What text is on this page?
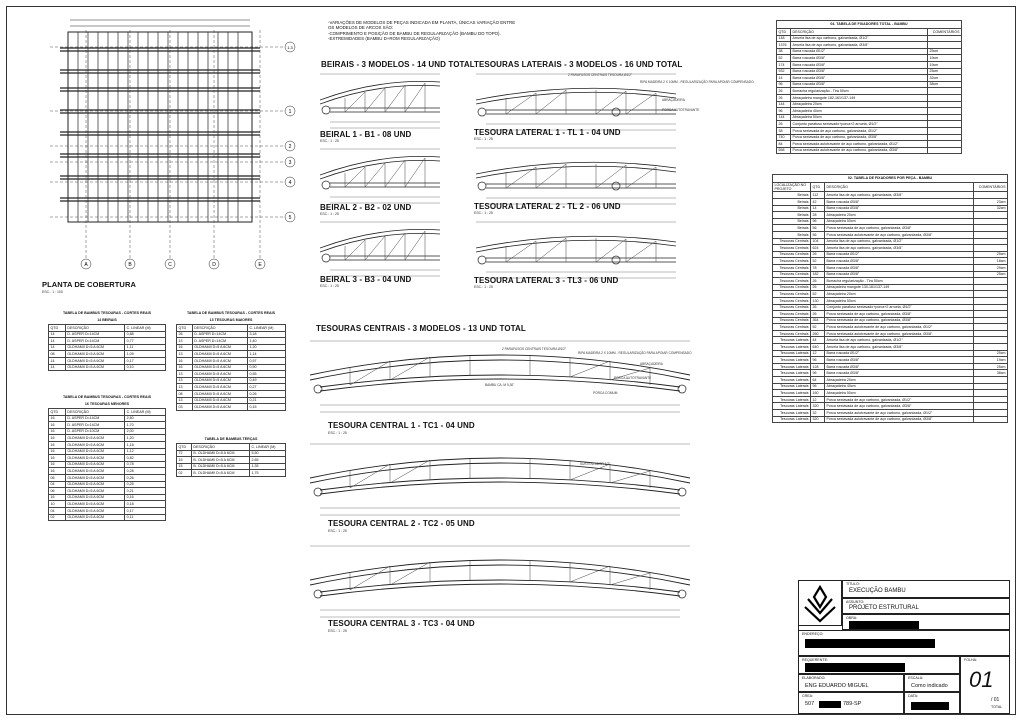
-VARIAÇÕES DE MODELOS DE PEÇAS INDICADA EM PLANTA, ÚNICAS VARIAÇÃO ENTRE
OS MODELOS DE ARCOS SÃO:
-COMPRIMENTO E POSIÇÃO DE BAMBU DE REGULARIZAÇÃO (BAMBU DO TOPO).
-EXTREMIDADES (BAMBU D+ROM REGULARIZAÇÃO)
A	B	C	D	E
1.3
1
2
3
4
5
PLANTA DE COBERTURA
ESC.: 1 : 100
BEIRAIS - 3 MODELOS - 14 UND TOTAL TESOURAS LATERAIS - 3 MODELOS - 16 UND TOTAL
TESOURAS CENTRAIS - 3 MODELOS - 13 UND TOTAL
BEIRAL 1 - B1 - 08 UND
ESC.: 1 : 25
BEIRAL 2 - B2 - 02 UND
ESC.: 1 : 25
BEIRAL 3 - B3 - 04 UND
ESC.: 1 : 25
TESOURA LATERAL 1 - TL 1 - 04 UND
ESC.: 1 : 25
TESOURA LATERAL 2 - TL 2 - 06 UND
ESC.: 1 : 25
TESOURA LATERAL 3 - TL3 - 06 UND
ESC.: 1 : 25
2 PARAFUSOS CENTRAIS TESOURA Ø1/2"
RIPA MADEIRA 2 X 10MM - REGULARIZAÇÃO PARA APOIAR COMPENSADO
ABRAÇADEIRA
PORCA AUTOTRAVANTE
TESOURA CENTRAL 1 - TC1 - 04 UND
ESC.: 1 : 25
TESOURA CENTRAL 2 - TC2 - 05 UND
ESC.: 1 : 25
TESOURA CENTRAL 3 - TC3 - 04 UND
ESC.: 1 : 25
2 PARAFUSOS CENTRAIS TESOURA Ø1/2"
RIPA MADEIRA 2 X 10MM - REGULARIZAÇÃO PARA APOIAR COMPENSADO
ABRAÇADEIRA
PORCA AUTOTRAVANTE
BAMBU CA. M 5,30"
PORCA COMUM
SUSTENTADOR 1/2"
TABELA DE BAMBUS TESOURAS - CORTES REAIS		
14 BEIRAIS		
QTD	DESCRIÇÃO	C. LINEAR (M)
14	D. ASPER D=14CM	0,88
14	D. ASPER D=14CM	0,77
14	OLDHAMII D=5 A 6CM	1,11
08	OLDHAMII D=5 A 6CM	1,09
14	OLDHAMII D=5 A 6CM	0,17
14	OLDHAMII D=5 A 6CM	0,10
TABELA DE BAMBUS TESOURAS - CORTES REAIS		
16 TESOURAS MENORES		
QTD	DESCRIÇÃO	C. LINEAR (M)
16	D. ASPER D=14CM	2,60
16	D. ASPER D=14CM	1,70
16	D. ASPER D=10CM	2,00
16	OLDHAMII D=5 A 6CM	1,20
16	OLDHAMII D=5 A 6CM	1,18
16	OLDHAMII D=5 A 6CM	1,12
16	OLDHAMII D=5 A 6CM	0,82
16	OLDHAMII D=5 A 6CM	0,78
16	OLDHAMII D=5 A 6CM	0,28
06	OLDHAMII D=5 A 6CM	0,26
04	OLDHAMII D=5 A 6CM	0,25
06	OLDHAMII D=5 A 6CM	0,21
16	OLDHAMII D=5 A 6CM	0,16
10	OLDHAMII D=5 A 6CM	0,18
04	OLDHAMII D=5 A 6CM	0,17
02	OLDHAMII D=5 A 6CM	0,11
TABELA DE BAMBUS TESOURAS - CORTES REAIS		
13 TESOURAS MAIORES		
QTD	DESCRIÇÃO	C. LINEAR (M)
26	D. ASPER D=14CM	3,18
13	D. ASPER D=14CM	1,40
16	OLDHAMII D=5 A 6CM	1,20
13	OLDHAMII D=5 A 6CM	1,14
16	OLDHAMII D=5 A 6CM	0,97
16	OLDHAMII D=5 A 6CM	0,90
13	OLDHAMII D=5 A 6CM	0,55
13	OLDHAMII D=5 A 6CM	0,49
13	OLDHAMII D=5 A 6CM	0,27
08	OLDHAMII D=5 A 6CM	0,26
13	OLDHAMII D=5 A 6CM	0,21
03	OLDHAMII D=5 A 6CM	0,15
TABELA DE BAMBUS TERÇAS		
QTD	DESCRIÇÃO	C. LINEAR (M)
72	B. OLDHAMII D=5 A 6CM	5,50
15	B. OLDHAMII D=5 A 6CM	2,65
15	B. OLDHAMII D=5 A 6CM	1,35
02	B. OLDHAMII D=5 A 6CM	1,75
04. TABELA DE FIXADORES TOTAL - BAMBU		
QTD	DESCRIÇÃO	COMENTÁRIOS
148	Arruela lisa de aço carbono, galvanizada, Ø1/2"	
1376	Arruela lisa de aço carbono, galvanizada, Ø3/8"	
38	Barra roscada Ø1/2"	25cm
52	Barra roscada Ø3/8"	19cm
174	Barra roscada Ø3/8"	19cm
932	Barra roscada Ø3/8"	25cm
14	Barra roscada Ø3/8"	32cm
96	Barra roscada Ø3/8"	38cm
26	Borracha regularização - Tira 50cm	
26	Abraçadeira mangote 182-161/137-149	
144	Abraçadeira 20cm	
96	Abraçadeira 40cm	
144	Abraçadeira 50cm	
26	Conjunto parafuso sextavado+porca+2 arruela, Ø1/2"	
38	Porca sextavada de aço carbono, galvanizada, Ø1/2"	
740	Porca sextavada de aço carbono, galvanizada, Ø3/8"	
84	Porca sextavada autotravante de aço carbono, galvanizada, Ø1/2"	
658	Porca sextavada autotravante de aço carbono, galvanizada, Ø3/8"	
02. TABELA DE FIXADORES POR PEÇA - BAMBU			
LOCALIZAÇÃO NO PROJETO	QTD	DESCRIÇÃO	COMENTÁRIOS
Beirais	112	Arruela lisa de aço carbono, galvanizada, Ø3/8"	
Beirais	42	Barra roscada Ø3/8"	23cm
Beirais	14	Barra roscada Ø3/8"	32cm
Beirais	28	Abraçadeira 20cm	
Beirais	96	Abraçadeira 50cm	
Beirais	56	Porca sextavada de aço carbono, galvanizada, Ø3/8"	
Beirais	56	Porca sextavada autotravante de aço carbono, galvanizada, Ø3/8"	
Tesouras Centrais	104	Arruela lisa de aço carbono, galvanizada, Ø1/2"	
Tesouras Centrais	624	Arruela lisa de aço carbono, galvanizada, Ø3/8"	
Tesouras Centrais	26	Barra roscada Ø1/2"	25cm
Tesouras Centrais	52	Barra roscada Ø3/8"	18cm
Tesouras Centrais	78	Barra roscada Ø3/8"	29cm
Tesouras Centrais	182	Barra roscada Ø3/8"	25cm
Tesouras Centrais	26	Borracha regularização - Tira 50cm	
Tesouras Centrais	26	Abraçadeira mangote 130-161/137-149	
Tesouras Centrais	52	Abraçadeira 20cm	
Tesouras Centrais	130	Abraçadeira 50cm	
Tesouras Centrais	26	Conjunto parafuso sextavado+porca+2 arruela, Ø1/2"	
Tesouras Centrais	26	Porca sextavada de aço carbono, galvanizada, Ø3/8"	
Tesouras Centrais	364	Porca sextavada de aço carbono, galvanizada, Ø3/8"	
Tesouras Centrais	52	Porca sextavada autotravante de aço carbono, galvanizada, Ø1/2"	
Tesouras Centrais	260	Porca sextavada autotravante de aço carbono, galvanizada, Ø3/8"	
Tesouras Laterais	44	Arruela lisa de aço carbono, galvanizada, Ø1/2"	
Tesouras Laterais	640	Arruela lisa de aço carbono, galvanizada, Ø3/8"	
Tesouras Laterais	12	Barra roscada Ø1/2"	25cm
Tesouras Laterais	96	Barra roscada Ø3/8"	19cm
Tesouras Laterais	128	Barra roscada Ø3/8"	25cm
Tesouras Laterais	96	Barra roscada Ø3/8"	38cm
Tesouras Laterais	64	Abraçadeira 20cm	
Tesouras Laterais	96	Abraçadeira 40cm	
Tesouras Laterais	160	Abraçadeira 50cm	
Tesouras Laterais	12	Porca sextavada de aço carbono, galvanizada, Ø1/2"	
Tesouras Laterais	320	Porca sextavada de aço carbono, galvanizada, Ø3/8"	
Tesouras Laterais	32	Porca sextavada autotravante de aço carbono, galvanizada, Ø1/2"	
Tesouras Laterais	320	Porca sextavada autotravante de aço carbono, galvanizada, Ø3/8"	
TÍTULO:
EXECUÇÃO BAMBU
ASSUNTO:
PROJETO ESTRUTURAL
OBRA:
ENDEREÇO:
REQUERENTE:
ELABORADO:
ENG EDUARDO MIGUEL
ESCALA:
Como indicado
CREA:
507	789-SP
DATA:
FOLHA:
01
/ 01
TOTAL
